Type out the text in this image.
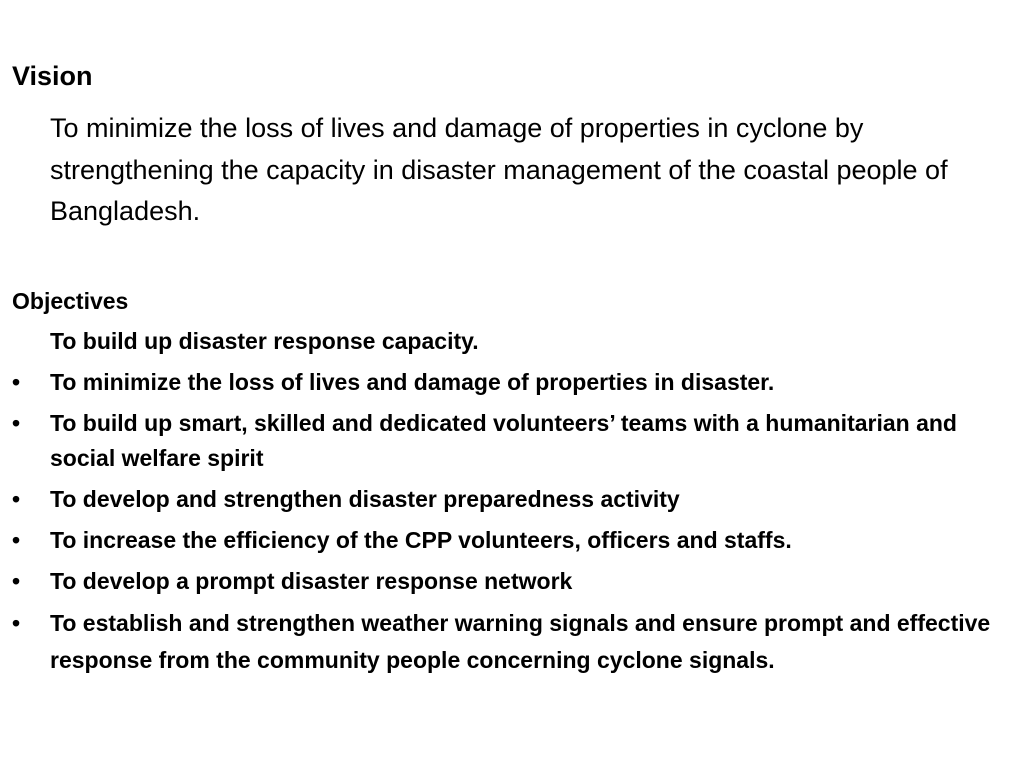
Vision

To minimize the loss of lives and damage of properties in cyclone by strengthening the capacity in disaster management of the coastal people of Bangladesh.

Objectives
To build up disaster response capacity.
• To minimize the loss of lives and damage of properties in disaster.
• To build up smart, skilled and dedicated volunteers’ teams with a humanitarian and social welfare spirit
• To develop and strengthen disaster preparedness activity
• To increase the efficiency of the CPP volunteers, officers and staffs.
• To develop a prompt disaster response network
• To establish and strengthen weather warning signals and ensure prompt and effective response from the community people concerning cyclone signals.
